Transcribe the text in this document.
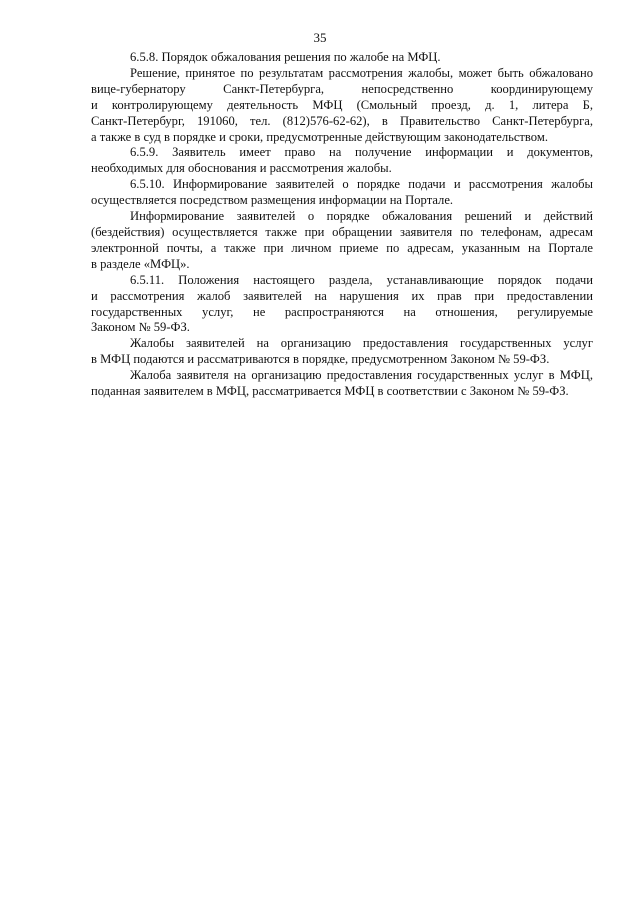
35

6.5.8. Порядок обжалования решения по жалобе на МФЦ.

Решение, принятое по результатам рассмотрения жалобы, может быть обжаловано
вице-губернатору Санкт-Петербурга, непосредственно координирующему
и контролирующему деятельность МФЦ (Смольный проезд, д. 1, литера Б,
Санкт-Петербург, 191060, тел. (812)576-62-62), в Правительство Санкт-Петербурга,
а также в суд в порядке и сроки, предусмотренные действующим законодательством.

6.5.9. Заявитель имеет право на получение информации и документов,
необходимых для обоснования и рассмотрения жалобы.

6.5.10. Информирование заявителей о порядке подачи и рассмотрения жалобы
осуществляется посредством размещения информации на Портале.

Информирование заявителей о порядке обжалования решений и действий
(бездействия) осуществляется также при обращении заявителя по телефонам, адресам
электронной почты, а также при личном приеме по адресам, указанным на Портале
в разделе «МФЦ».

6.5.11. Положения настоящего раздела, устанавливающие порядок подачи
и рассмотрения жалоб заявителей на нарушения их прав при предоставлении
государственных услуг, не распространяются на отношения, регулируемые
Законом № 59-ФЗ.

Жалобы заявителей на организацию предоставления государственных услуг
в МФЦ подаются и рассматриваются в порядке, предусмотренном Законом № 59-ФЗ.

Жалоба заявителя на организацию предоставления государственных услуг в МФЦ,
поданная заявителем в МФЦ, рассматривается МФЦ в соответствии с Законом № 59-ФЗ.
